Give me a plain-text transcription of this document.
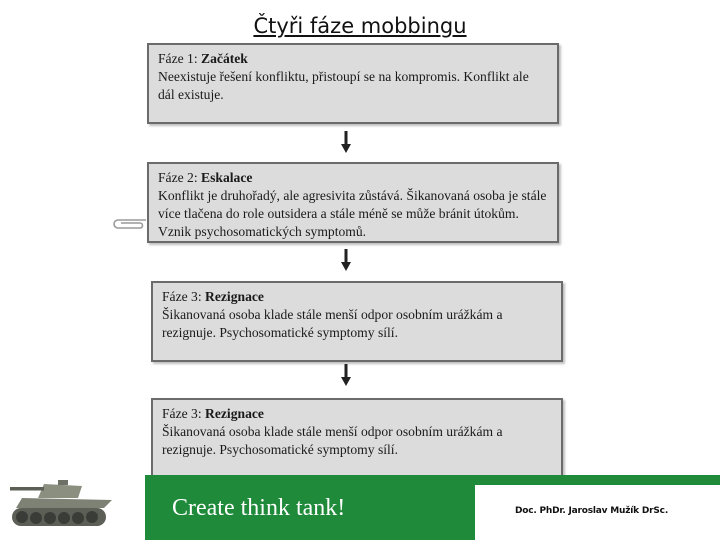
Čtyři fáze mobbingu
Fáze 1: Začátek
Neexistuje řešení konfliktu, přistoupí se na kompromis. Konflikt ale dál existuje.
Fáze 2: Eskalace
Konflikt je druhořadý, ale agresivita zůstává. Šikanovaná osoba je stále více tlačena do role outsidera a stále méně se může bránit útokům. Vznik psychosomatických symptomů.
Fáze 3: Rezignace
Šikanovaná osoba klade stále menší odpor osobním urážkám a rezignuje. Psychosomatické symptomy sílí.
Fáze 3: Rezignace
Šikanovaná osoba klade stále menší odpor osobním urážkám a rezignuje. Psychosomatické symptomy sílí.
Create think tank!	Doc. PhDr. Jaroslav Mužík DrSc.
